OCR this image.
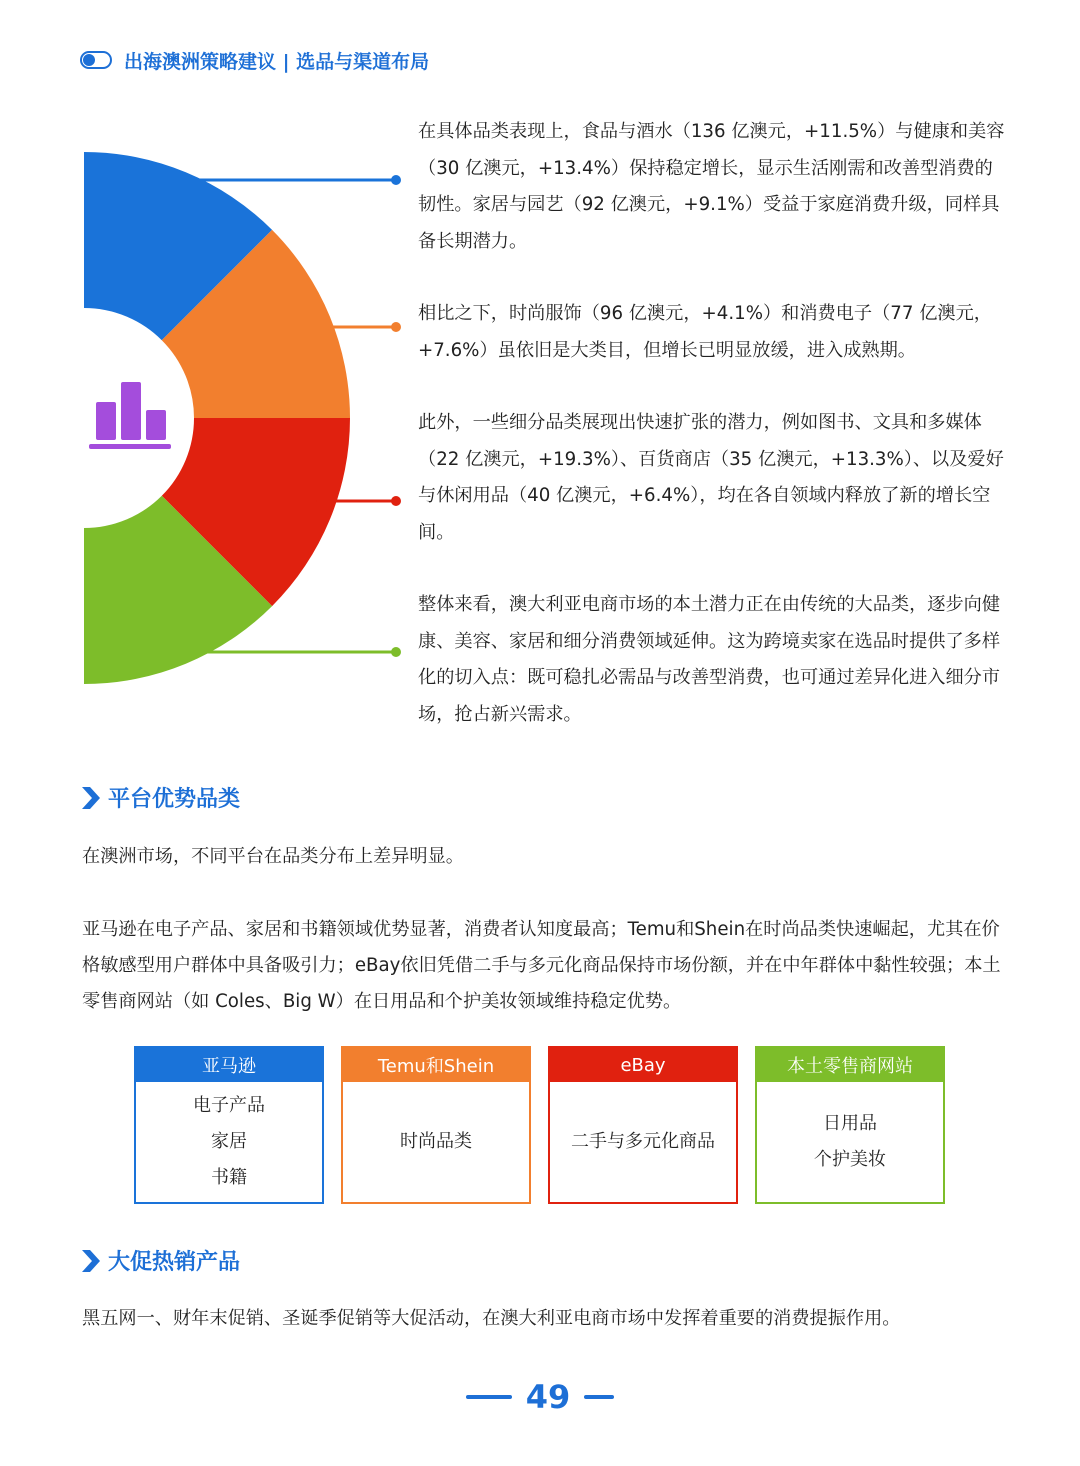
出海澳洲策略建议 | 选品与渠道布局

在具体品类表现上，食品与酒水（136 亿澳元，+11.5%）与健康和美容（30 亿澳元，+13.4%）保持稳定增长，显示生活刚需和改善型消费的韧性。家居与园艺（92 亿澳元，+9.1%）受益于家庭消费升级，同样具备长期潜力。

相比之下，时尚服饰（96 亿澳元，+4.1%）和消费电子（77 亿澳元，+7.6%）虽依旧是大类目，但增长已明显放缓，进入成熟期。

此外，一些细分品类展现出快速扩张的潜力，例如图书、文具和多媒体（22 亿澳元，+19.3%）、百货商店（35 亿澳元，+13.3%）、以及爱好与休闲用品（40 亿澳元，+6.4%），均在各自领域内释放了新的增长空间。

整体来看，澳大利亚电商市场的本土潜力正在由传统的大品类，逐步向健康、美容、家居和细分消费领域延伸。这为跨境卖家在选品时提供了多样化的切入点：既可稳扎必需品与改善型消费，也可通过差异化进入细分市场，抢占新兴需求。

平台优势品类

在澳洲市场，不同平台在品类分布上差异明显。

亚马逊在电子产品、家居和书籍领域优势显著，消费者认知度最高；Temu和Shein在时尚品类快速崛起，尤其在价格敏感型用户群体中具备吸引力；eBay依旧凭借二手与多元化商品保持市场份额，并在中年群体中黏性较强；本土零售商网站（如 Coles、Big W）在日用品和个护美妆领域维持稳定优势。

亚马逊
电子产品
家居
书籍
Temu和Shein
时尚品类
eBay
二手与多元化商品
本土零售商网站
日用品
个护美妆
大促热销产品

黑五网一、财年末促销、圣诞季促销等大促活动，在澳大利亚电商市场中发挥着重要的消费提振作用。

49
